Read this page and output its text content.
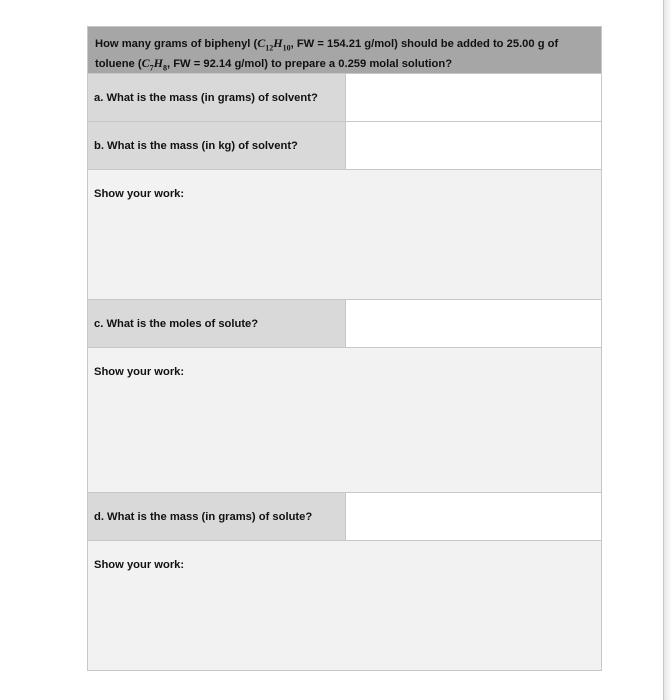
How many grams of biphenyl ($C_{12}H_{10}$, FW = 154.21 g/mol) should be added to 25.00 g of
toluene ($C_7H_8$, FW = 92.14 g/mol) to prepare a 0.259 molal solution?
a. What is the mass (in grams) of solvent?
b. What is the mass (in kg) of solvent?
Show your work:
c. What is the moles of solute?
Show your work:
d. What is the mass (in grams) of solute?
Show your work:
